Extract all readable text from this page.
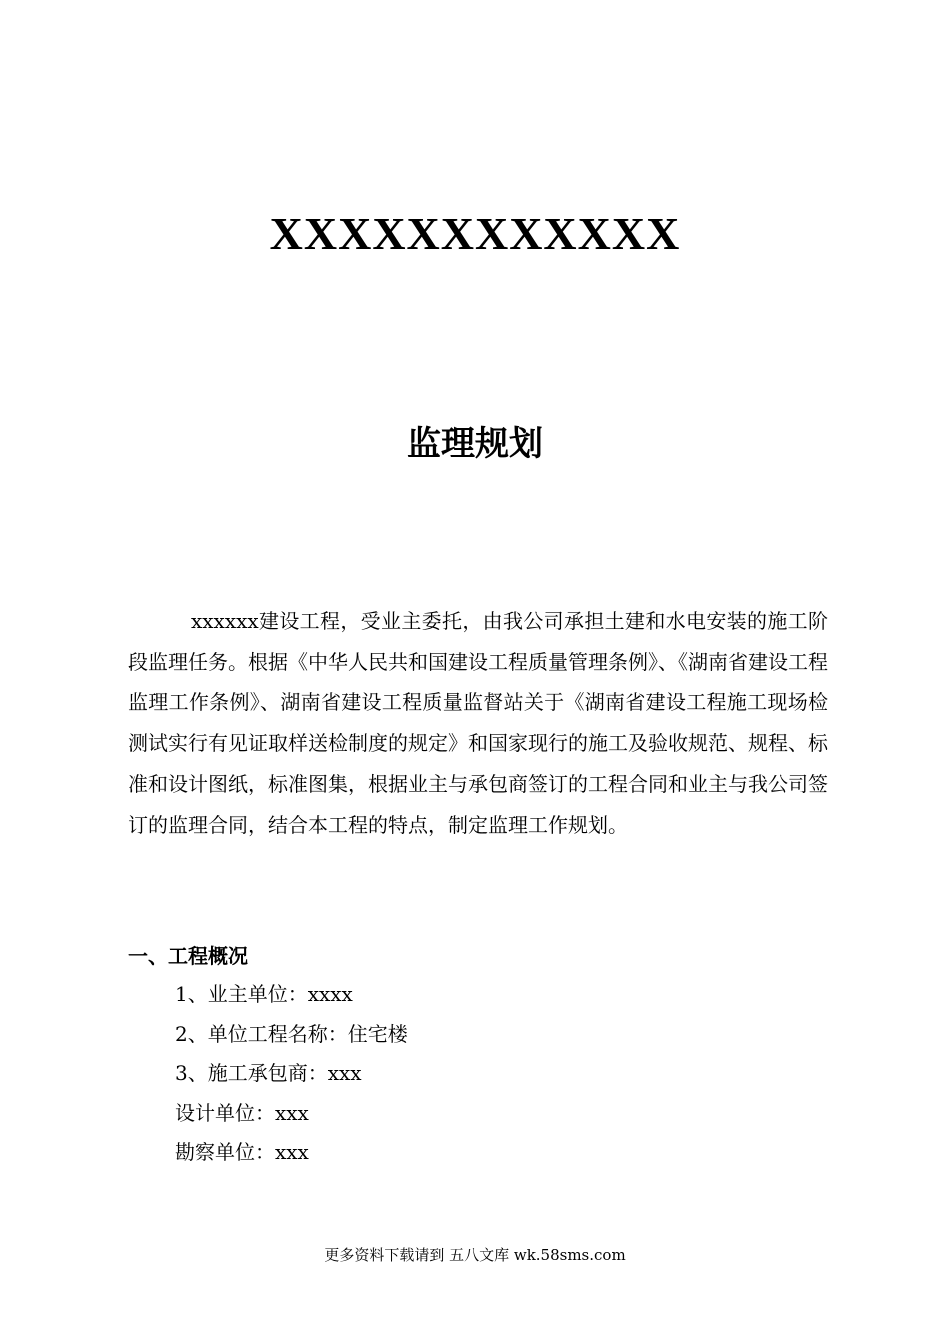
XXXXXXXXXXXX
监理规划

xxxxxx建设工程，受业主委托，由我公司承担土建和水电安装的施工阶段监理任务。根据《中华人民共和国建设工程质量管理条例》、《湖南省建设工程监理工作条例》、湖南省建设工程质量监督站关于《湖南省建设工程施工现场检测试实行有见证取样送检制度的规定》和国家现行的施工及验收规范、规程、标准和设计图纸，标准图集，根据业主与承包商签订的工程合同和业主与我公司签订的监理合同，结合本工程的特点，制定监理工作规划。

一、工程概况
1、业主单位：xxxx
2、单位工程名称：住宅楼
3、施工承包商：xxx
设计单位：xxx
勘察单位：xxx
更多资料下载请到 五八文库 wk.58sms.com
